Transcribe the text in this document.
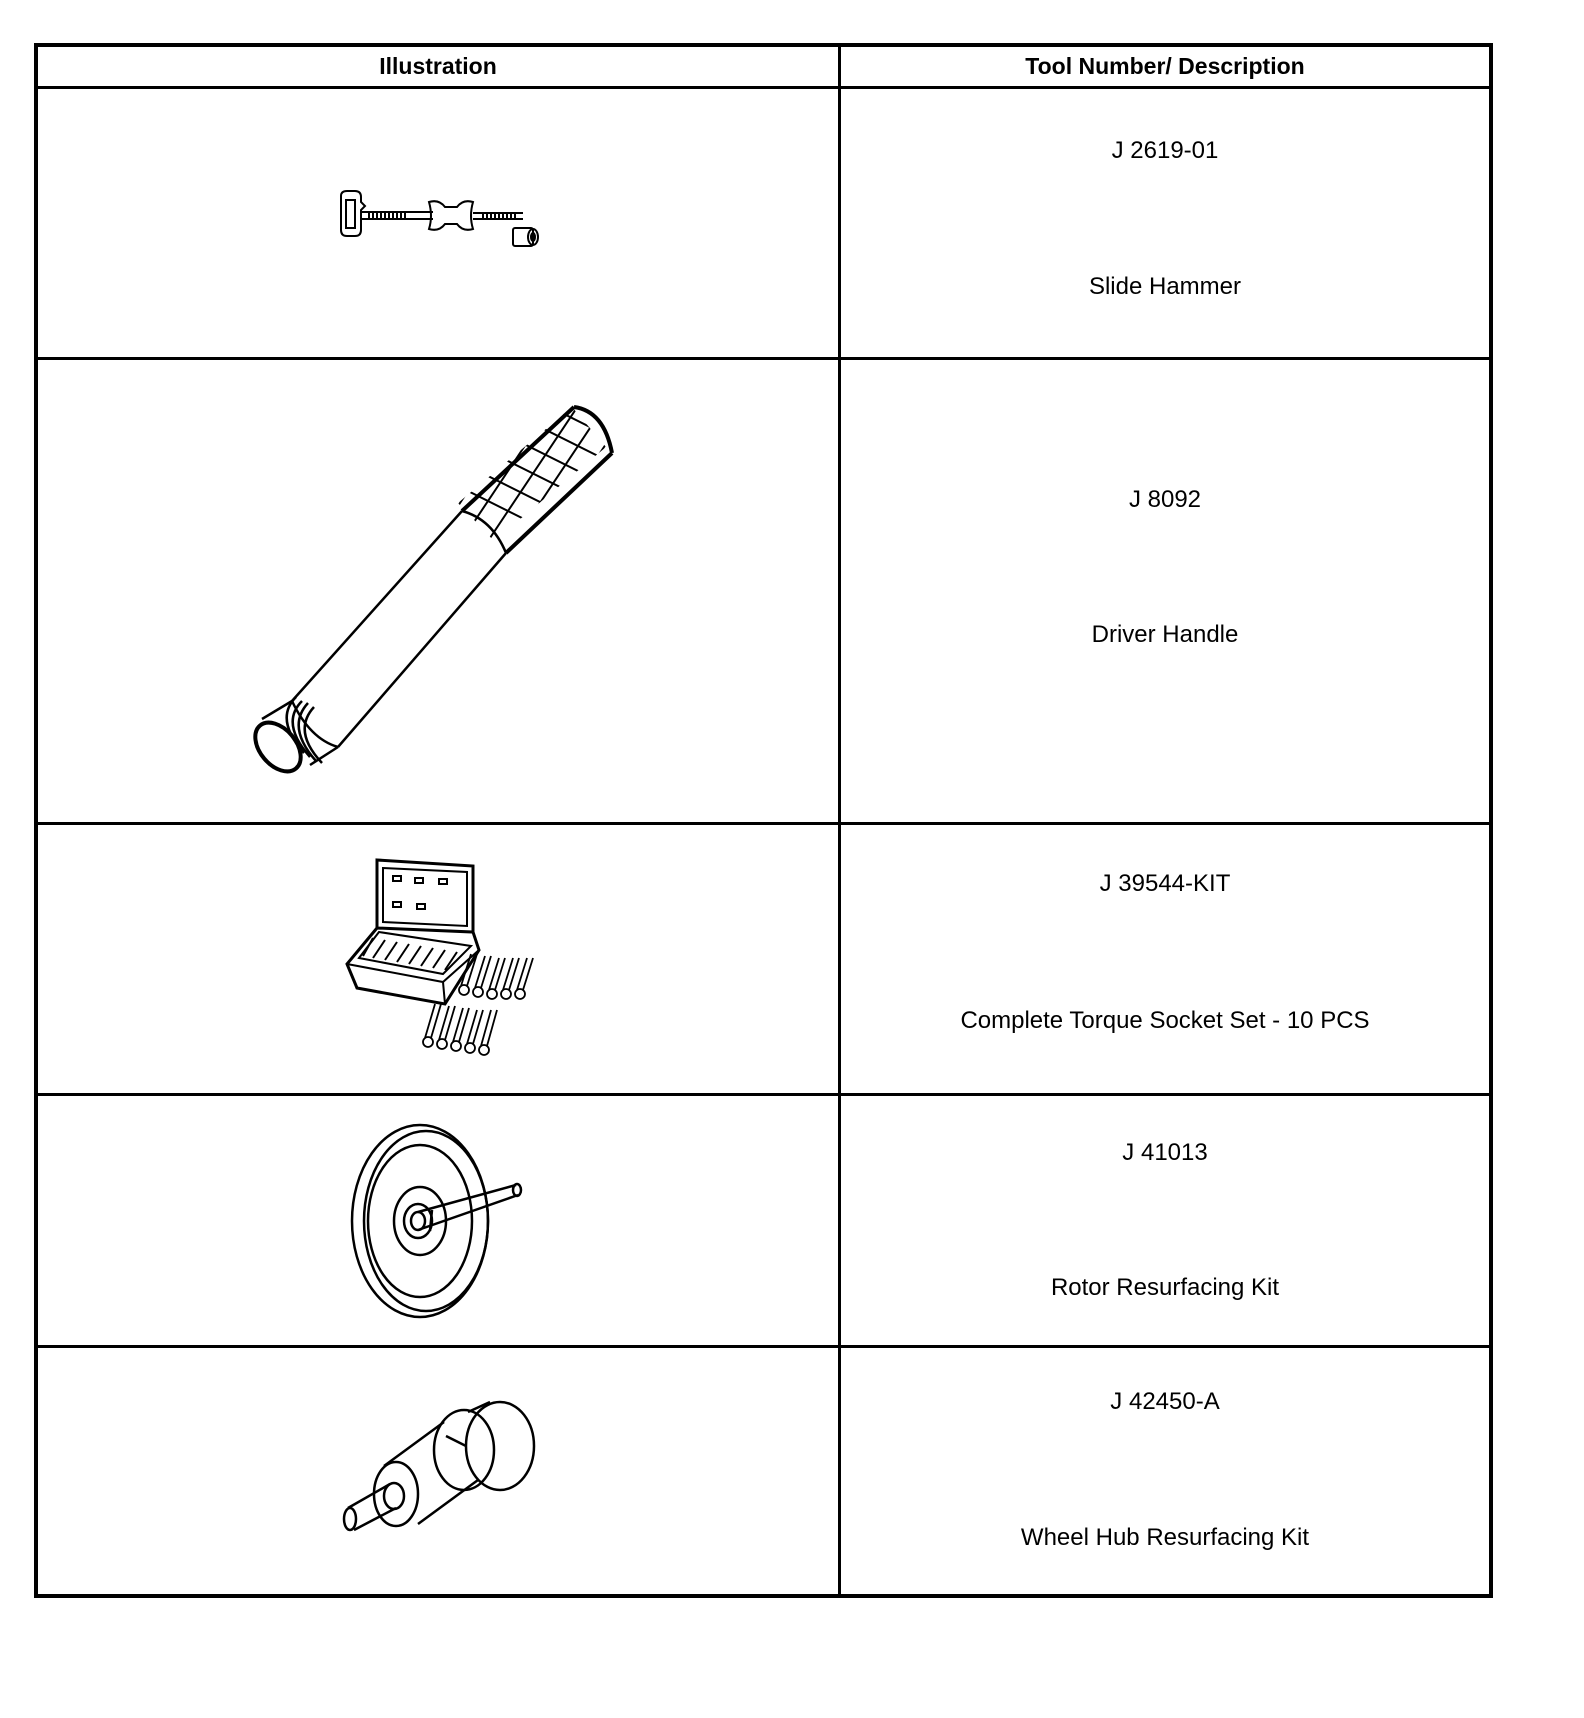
Illustration	Tool Number/ Description

J 2619-01
Slide Hammer

J 8092
Driver Handle

J 39544-KIT
Complete Torque Socket Set - 10 PCS

J 41013
Rotor Resurfacing Kit

J 42450-A
Wheel Hub Resurfacing Kit
